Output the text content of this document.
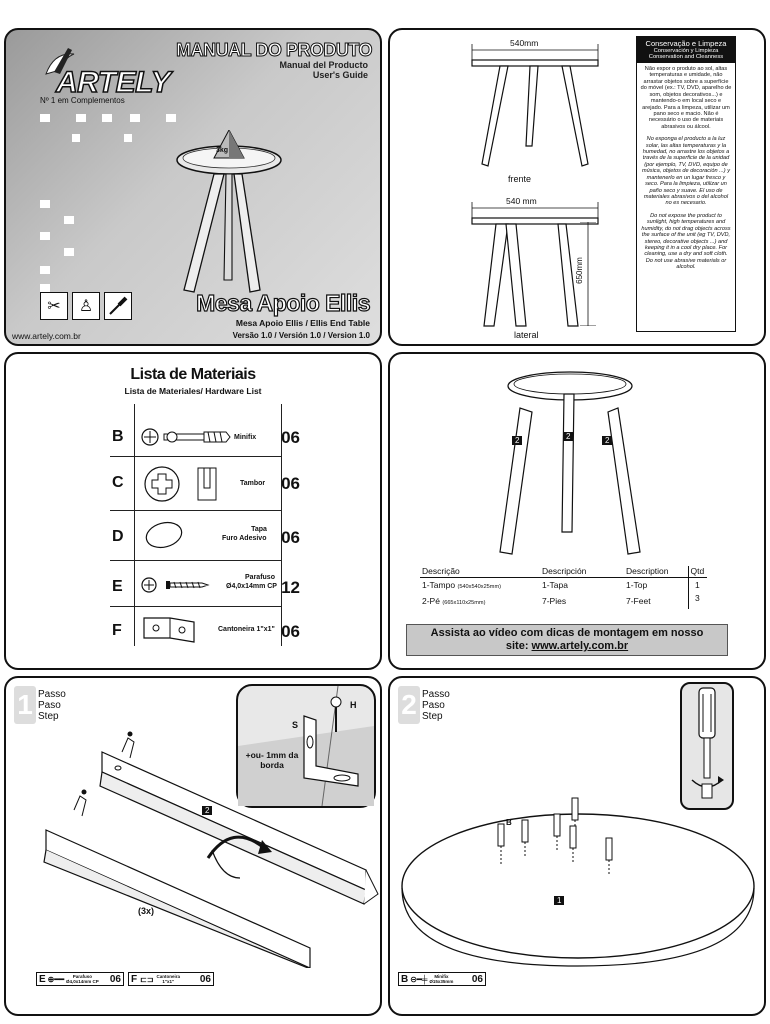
ARTELY
Nº 1 em Complementos
MANUAL DO PRODUTO
Manual del Producto
User's Guide
3kg
✂	♙	Mesa Apoio Ellis
Mesa Apoio Ellis / Ellis End Table
www.artely.com.br	Versão 1.0 / Versión 1.0 / Version 1.0
540mm
frente
540 mm
lateral
650mm
Conservação e Limpeza
Conservación y Limpieza
Conservation and Cleanness
Não expor o produto ao sol, altas temperaturas e umidade, não arrastar objetos sobre a superfície do móvel (ex.: TV, DVD, aparelho de som, objetos decorativos...) e mantendo-o em local seco e arejado. Para a limpeza, utilizar um pano seco e macio. Não é necessário o uso de materiais abrasivos ou álcool.
No exponga el producto a la luz solar, las altas temperaturas y la humedad, no arrastre los objetos a través de la superficie de la unidad (por ejemplo, TV, DVD, equipo de música, objetos de decoración ...) y mantenerlo en un lugar fresco y seco. Para la limpieza, utilizar un paño seco y suave. El uso de materiales abrasivos o del alcohol no es necesario.
Do not expose the product to sunlight, high temperatures and humidity, do not drag objects across the surface of the unit (eg TV, DVD, stereo, decorative objects ...) and keeping it in a cool dry place. For cleaning, use a dry and soft cloth. Do not use abrasive materials or alcohol.
Lista de Materiais
Lista de Materiales/ Hardware List
B	Minifix 06
C	Tambor 06
D	Tapa
Furo Adesivo 06
E
Parafuso
Ø4,0x14mm CP 12
F	Cantoneira 1"x1" 06
2	2	2
Descrição	Descripción	Description	Qtd
1-Tampo (540x540x25mm)	1-Tapa	1-Top	1
2-Pé (665x110x25mm)	7-Pies	7-Feet	3
Assista ao vídeo com dicas de montagem em nosso
site: www.artely.com.br
1 Passo
Paso
Step
H
S
+ou- 1mm da borda
2
(3x)
E ⊕━━	Parafuso
Ø4,0x14mm CP 06 F ⊏⊐ Cantoneira
1"x1"	06
2 Passo
Paso
Step
B
1
B ⊝━╪	Minifix
Ø15x35mm 06
